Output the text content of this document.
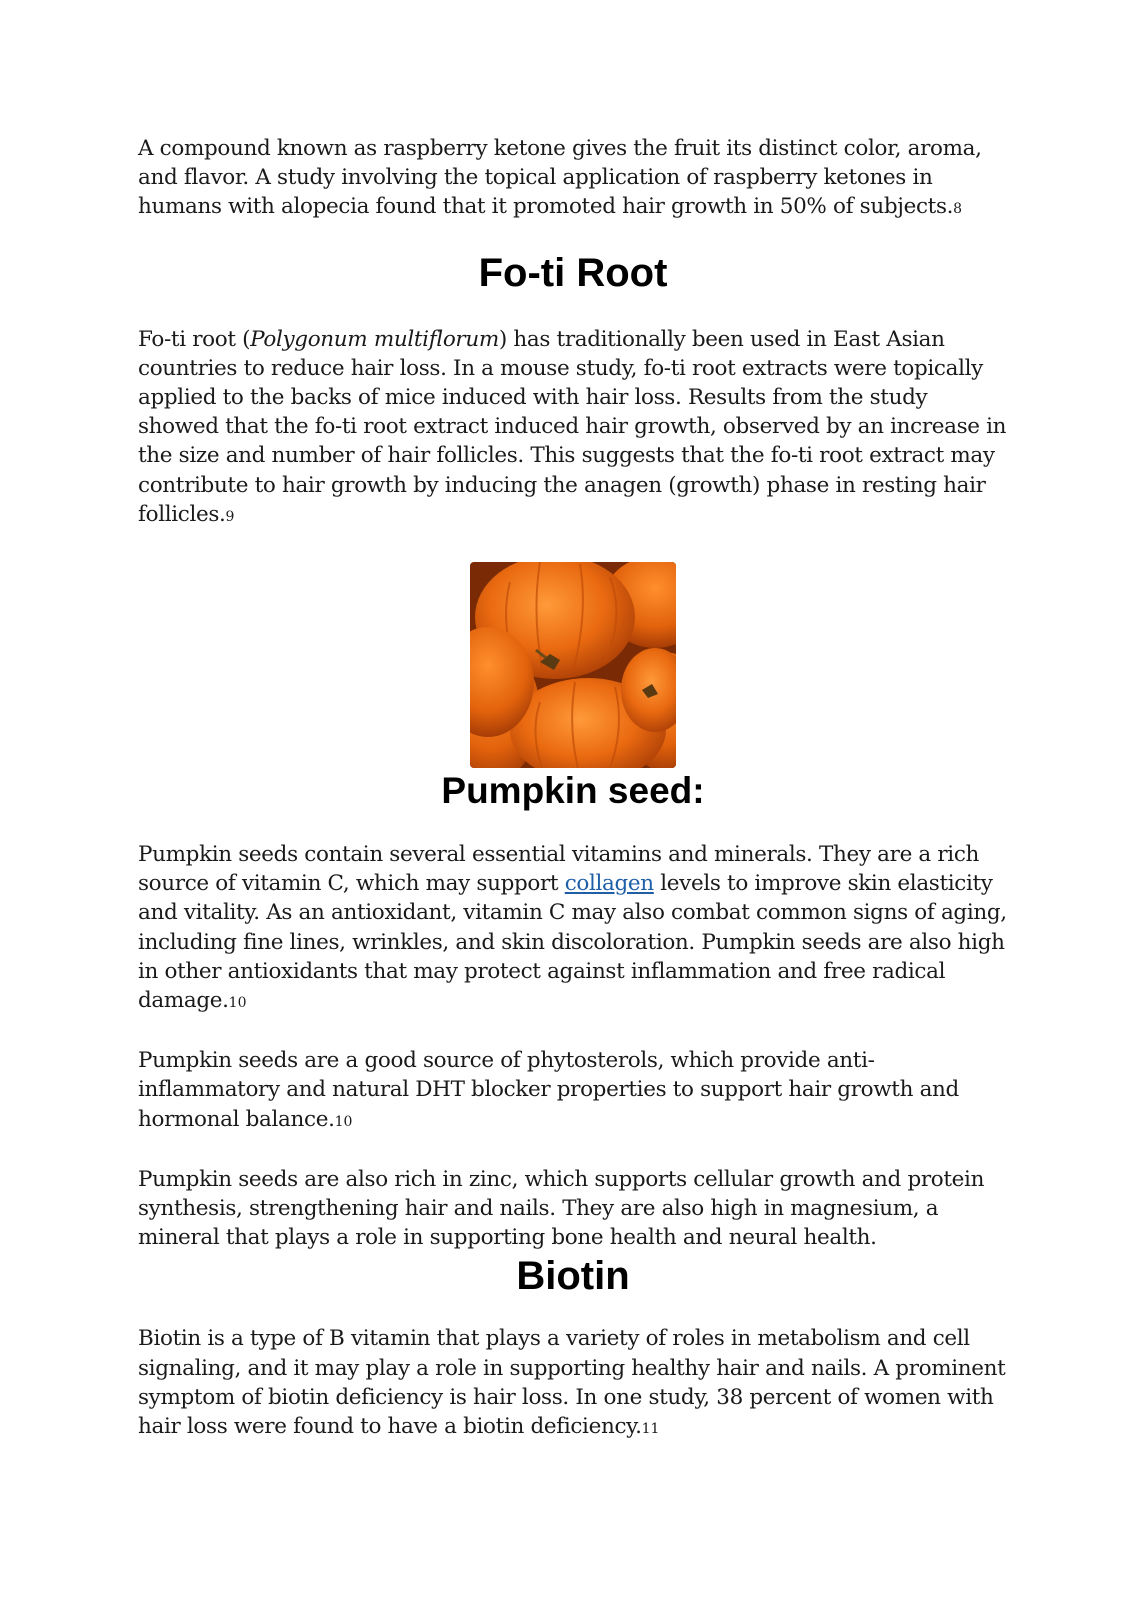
A compound known as raspberry ketone gives the fruit its distinct color, aroma, and flavor. A study involving the topical application of raspberry ketones in humans with alopecia found that it promoted hair growth in 50% of subjects.8

Fo-ti Root

Fo-ti root (Polygonum multiflorum) has traditionally been used in East Asian countries to reduce hair loss. In a mouse study, fo-ti root extracts were topically applied to the backs of mice induced with hair loss. Results from the study showed that the fo-ti root extract induced hair growth, observed by an increase in the size and number of hair follicles. This suggests that the fo-ti root extract may contribute to hair growth by inducing the anagen (growth) phase in resting hair follicles.9

Pumpkin seed:

Pumpkin seeds contain several essential vitamins and minerals. They are a rich source of vitamin C, which may support collagen levels to improve skin elasticity and vitality. As an antioxidant, vitamin C may also combat common signs of aging, including fine lines, wrinkles, and skin discoloration. Pumpkin seeds are also high in other antioxidants that may protect against inflammation and free radical damage.10

Pumpkin seeds are a good source of phytosterols, which provide anti-inflammatory and natural DHT blocker properties to support hair growth and hormonal balance.10

Pumpkin seeds are also rich in zinc, which supports cellular growth and protein synthesis, strengthening hair and nails. They are also high in magnesium, a mineral that plays a role in supporting bone health and neural health.

Biotin

Biotin is a type of B vitamin that plays a variety of roles in metabolism and cell signaling, and it may play a role in supporting healthy hair and nails. A prominent symptom of biotin deficiency is hair loss. In one study, 38 percent of women with hair loss were found to have a biotin deficiency.11
